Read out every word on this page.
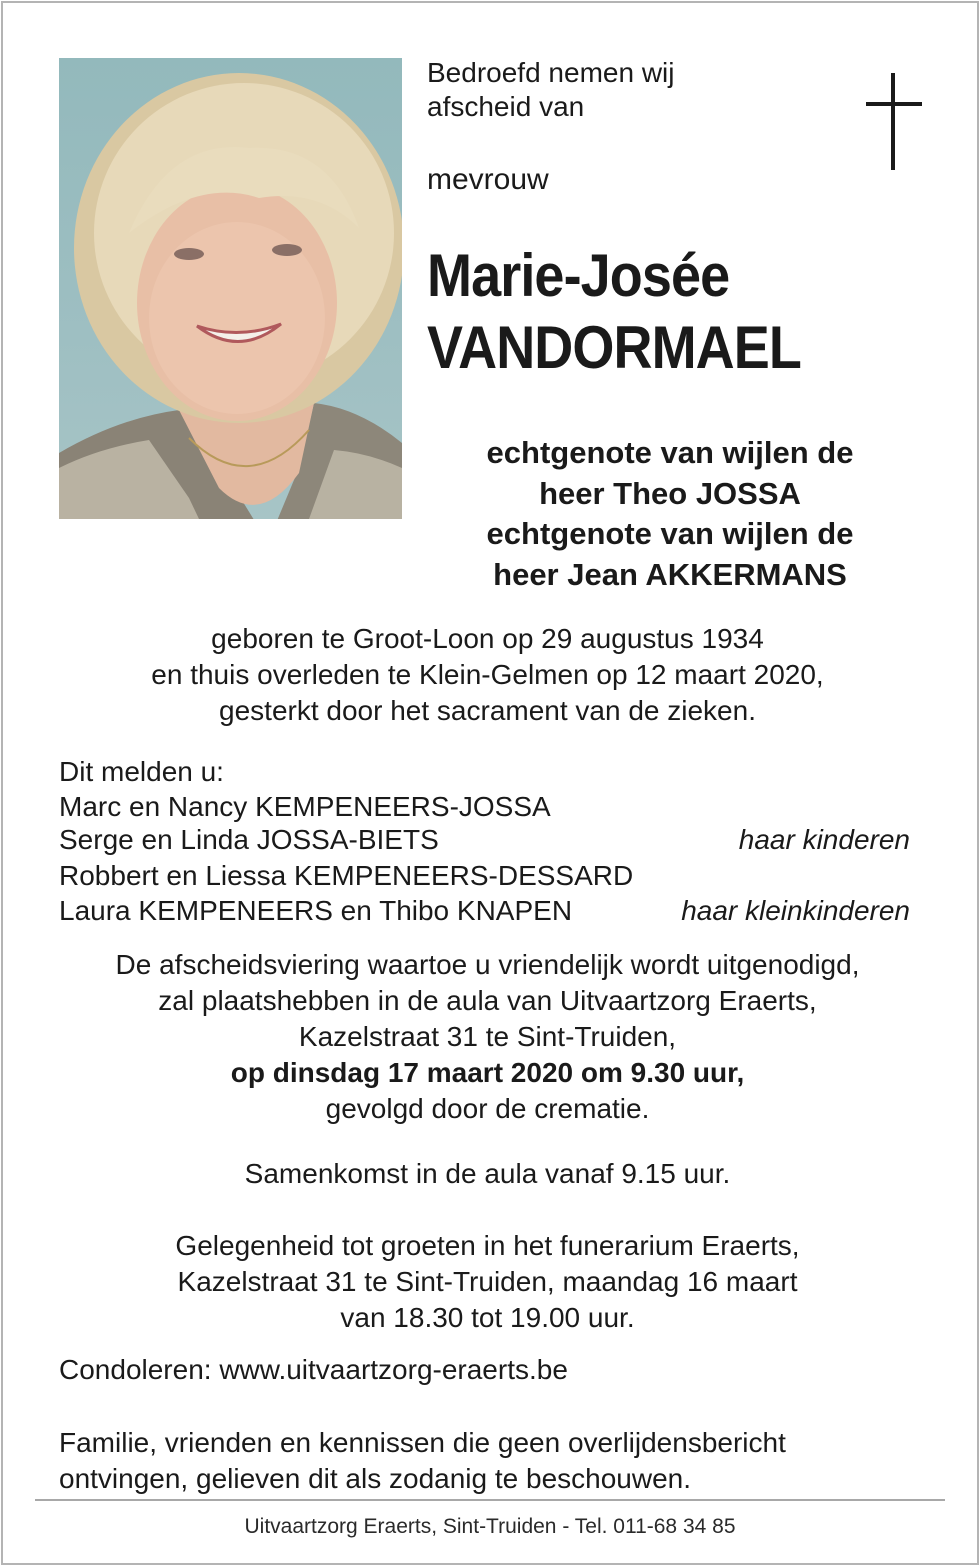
Bedroefd nemen wij
afscheid van
mevrouw
Marie-Josée
VANDORMAEL
echtgenote van wijlen de
heer Theo JOSSA
echtgenote van wijlen de
heer Jean AKKERMANS
geboren te Groot-Loon op 29 augustus 1934
en thuis overleden te Klein-Gelmen op 12 maart 2020,
gesterkt door het sacrament van de zieken.
Dit melden u:
Marc en Nancy KEMPENEERS-JOSSA
Serge en Linda JOSSA-BIETS	haar kinderen
Robbert en Liessa KEMPENEERS-DESSARD
Laura KEMPENEERS en Thibo KNAPEN	haar kleinkinderen
De afscheidsviering waartoe u vriendelijk wordt uitgenodigd,
zal plaatshebben in de aula van Uitvaartzorg Eraerts,
Kazelstraat 31 te Sint-Truiden,
op dinsdag 17 maart 2020 om 9.30 uur,
gevolgd door de crematie.
Samenkomst in de aula vanaf 9.15 uur.
Gelegenheid tot groeten in het funerarium Eraerts,
Kazelstraat 31 te Sint-Truiden, maandag 16 maart
van 18.30 tot 19.00 uur.
Condoleren: www.uitvaartzorg-eraerts.be
Familie, vrienden en kennissen die geen overlijdensbericht
ontvingen, gelieven dit als zodanig te beschouwen.
Uitvaartzorg Eraerts, Sint-Truiden - Tel. 011-68 34 85
